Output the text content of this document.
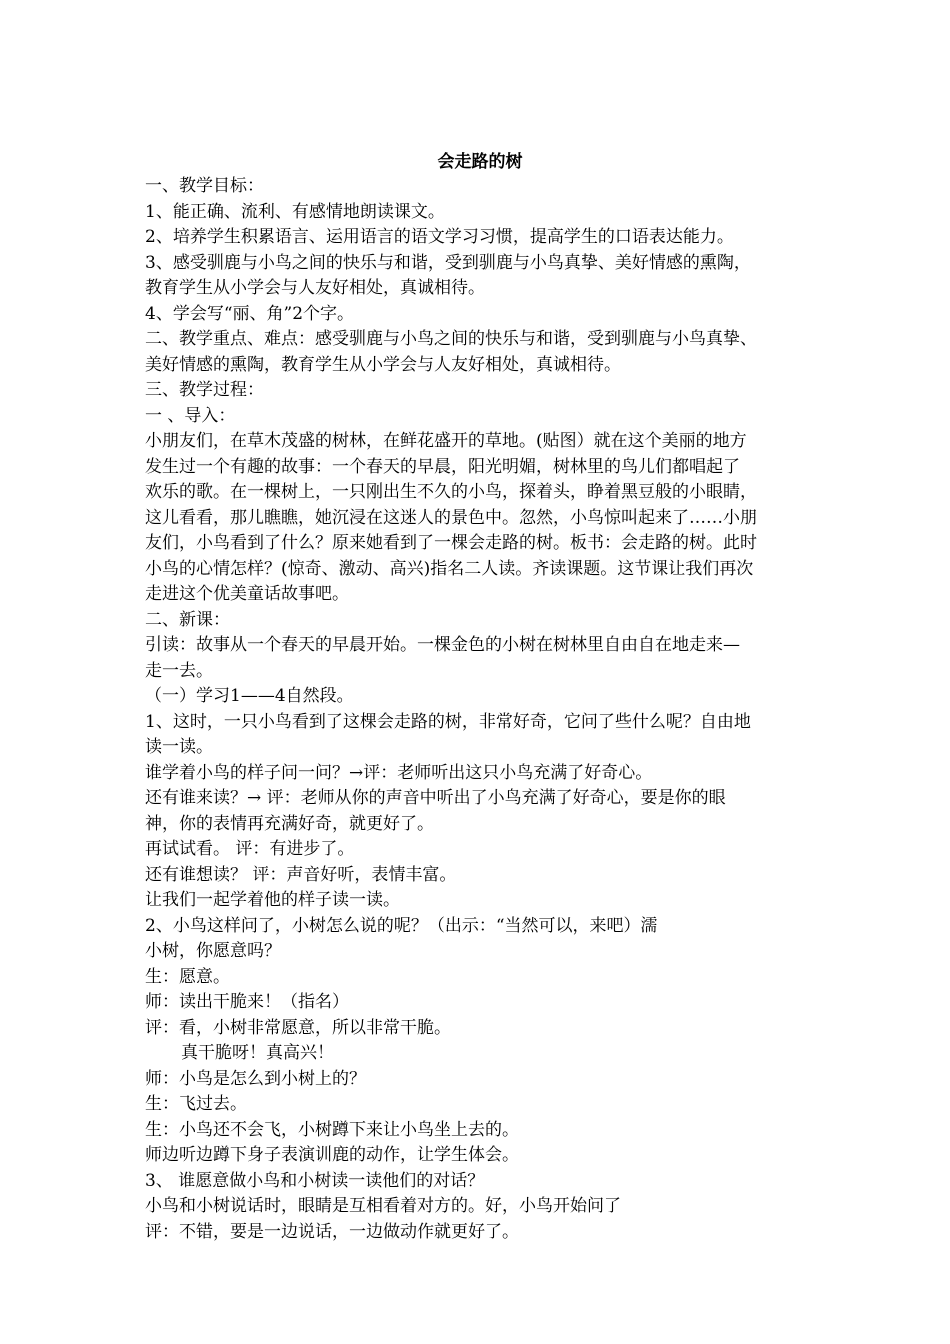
会走路的树
一、教学目标：
1、能正确、流利、有感情地朗读课文。
2、培养学生积累语言、运用语言的语文学习习惯，提高学生的口语表达能力。
3、感受驯鹿与小鸟之间的快乐与和谐，受到驯鹿与小鸟真挚、美好情感的熏陶，
教育学生从小学会与人友好相处，真诚相待。
4、学会写“丽、角”2个字。
二、教学重点、难点：感受驯鹿与小鸟之间的快乐与和谐，受到驯鹿与小鸟真挚、
美好情感的熏陶，教育学生从小学会与人友好相处，真诚相待。
三、教学过程：
一 、导入：
小朋友们，在草木茂盛的树林，在鲜花盛开的草地。(贴图）就在这个美丽的地方
发生过一个有趣的故事：一个春天的早晨，阳光明媚，树林里的鸟儿们都唱起了
欢乐的歌。在一棵树上，一只刚出生不久的小鸟，探着头，睁着黑豆般的小眼睛，
这儿看看，那儿瞧瞧，她沉浸在这迷人的景色中。忽然，小鸟惊叫起来了……小朋
友们，小鸟看到了什么？原来她看到了一棵会走路的树。板书：会走路的树。此时
小鸟的心情怎样？(惊奇、激动、高兴)指名二人读。齐读课题。这节课让我们再次
走进这个优美童话故事吧。
二、新课：
引读：故事从一个春天的早晨开始。一棵金色的小树在树林里自由自在地走来—
走一去。
（一）学习1——4自然段。
1、这时，一只小鸟看到了这棵会走路的树，非常好奇，它问了些什么呢？自由地
读一读。
谁学着小鸟的样子问一问？→评：老师听出这只小鸟充满了好奇心。
还有谁来读？→ 评：老师从你的声音中听出了小鸟充满了好奇心，要是你的眼
神，你的表情再充满好奇，就更好了。
再试试看。 评：有进步了。
还有谁想读？ 评：声音好听，表情丰富。
让我们一起学着他的样子读一读。
2、小鸟这样问了，小树怎么说的呢？（出示：“当然可以，来吧）濡
小树，你愿意吗？
生：愿意。
师：读出干脆来！（指名）
评：看，小树非常愿意，所以非常干脆。
真干脆呀！真高兴！
师：小鸟是怎么到小树上的？
生：飞过去。
生：小鸟还不会飞，小树蹲下来让小鸟坐上去的。
师边听边蹲下身子表演训鹿的动作，让学生体会。
3、 谁愿意做小鸟和小树读一读他们的对话？
小鸟和小树说话时，眼睛是互相看着对方的。好，小鸟开始问了
评：不错，要是一边说话，一边做动作就更好了。
